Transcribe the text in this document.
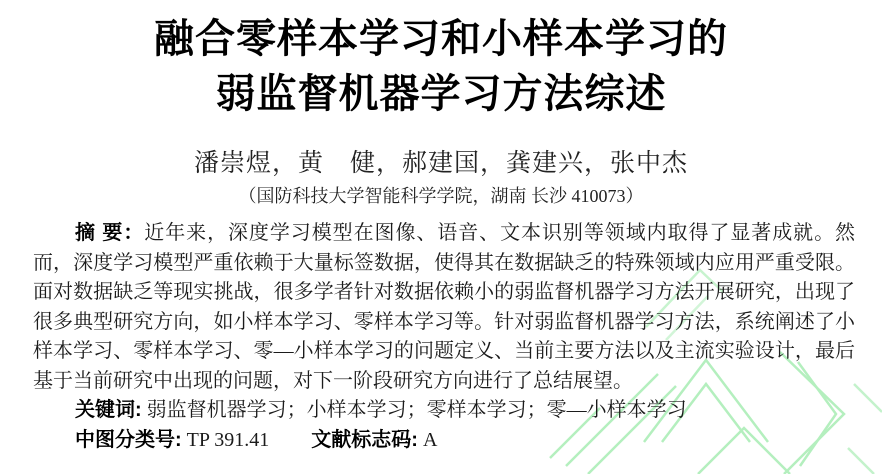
融合零样本学习和小样本学习的
弱监督机器学习方法综述
潘崇煜，黄　健，郝建国，龚建兴，张中杰
（国防科技大学智能科学学院，湖南 长沙 410073）

摘 要：近年来，深度学习模型在图像、语音、文本识别等领域内取得了显著成就。然而，深度学习模型严重依赖于大量标签数据，使得其在数据缺乏的特殊领域内应用严重受限。面对数据缺乏等现实挑战，很多学者针对数据依赖小的弱监督机器学习方法开展研究，出现了很多典型研究方向，如小样本学习、零样本学习等。针对弱监督机器学习方法，系统阐述了小样本学习、零样本学习、零—小样本学习的问题定义、当前主要方法以及主流实验设计，最后基于当前研究中出现的问题，对下一阶段研究方向进行了总结展望。

关键词: 弱监督机器学习；小样本学习；零样本学习；零—小样本学习

中图分类号: TP 391.41 文献标志码: A
